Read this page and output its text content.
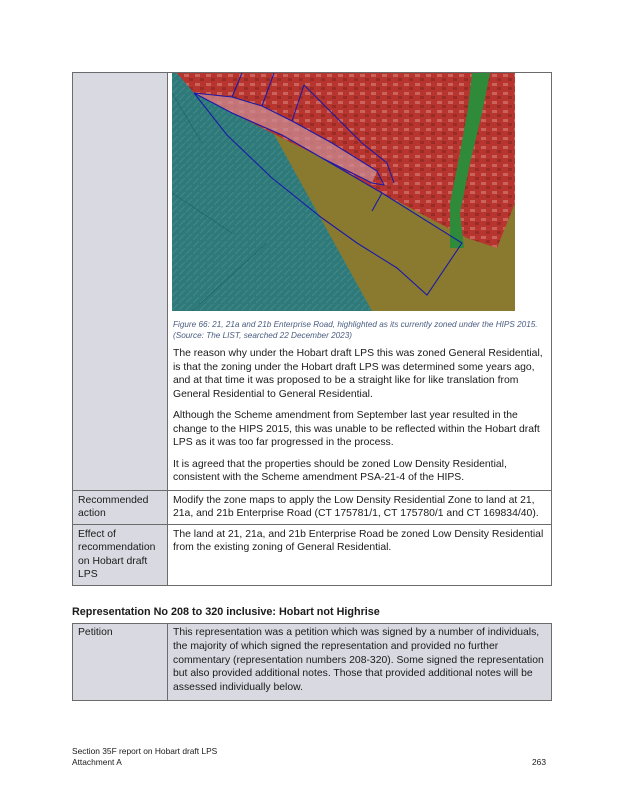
	Figure 66: 21, 21a and 21b Enterprise Road, highlighted as its currently zoned under the HIPS 2015.
(Source: The LIST, searched 22 December 2023)

The reason why under the Hobart draft LPS this was zoned General Residential, is that the zoning under the Hobart draft LPS was determined some years ago, and at that time it was proposed to be a straight like for like translation from General Residential to General Residential.

Although the Scheme amendment from September last year resulted in the change to the HIPS 2015, this was unable to be reflected within the Hobart draft LPS as it was too far progressed in the process.

It is agreed that the properties should be zoned Low Density Residential, consistent with the Scheme amendment PSA-21-4 of the HIPS.

Recommended action	Modify the zone maps to apply the Low Density Residential Zone to land at 21, 21a, and 21b Enterprise Road (CT 175781/1, CT 175780/1 and CT 169834/40).
Effect of recommendation on Hobart draft LPS	The land at 21, 21a, and 21b Enterprise Road be zoned Low Density Residential from the existing zoning of General Residential.
Representation No 208 to 320 inclusive: Hobart not Highrise
Petition	This representation was a petition which was signed by a number of individuals, the majority of which signed the representation and provided no further commentary (representation numbers 208-320). Some signed the representation but also provided additional notes. Those that provided additional notes will be assessed individually below.
Section 35F report on Hobart draft LPS
Attachment A	263
